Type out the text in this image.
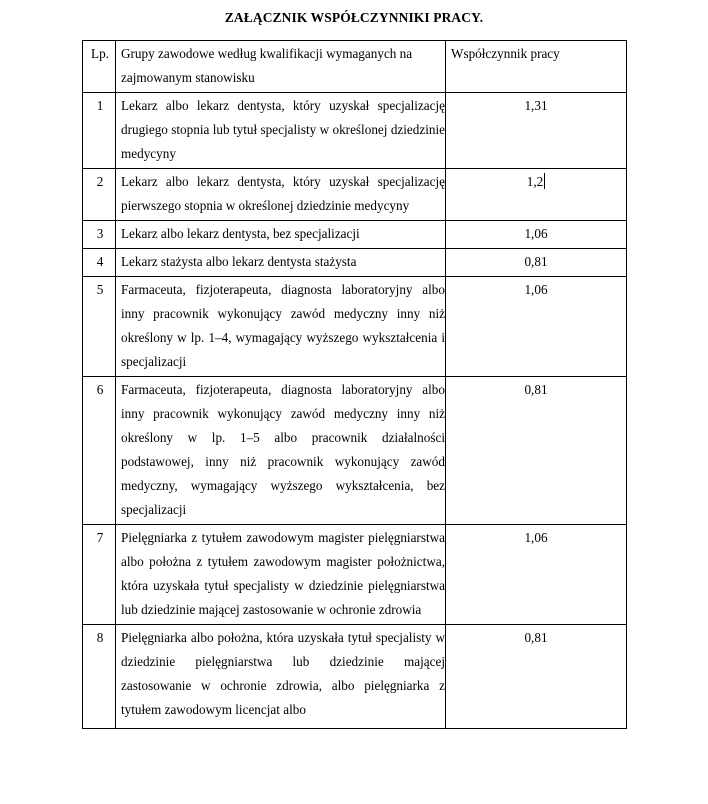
ZAŁĄCZNIK WSPÓŁCZYNNIKI PRACY.
Lp.	Grupy zawodowe według kwalifikacji wymaganych na zajmowanym stanowisku	Współczynnik pracy
1	Lekarz albo lekarz dentysta, który uzyskał specjalizację drugiego stopnia lub tytuł specjalisty w określonej dziedzinie medycyny	1,31
2	Lekarz albo lekarz dentysta, który uzyskał specjalizację pierwszego stopnia w określonej dziedzinie medycyny	1,2
3	Lekarz albo lekarz dentysta, bez specjalizacji	1,06
4	Lekarz stażysta albo lekarz dentysta stażysta	0,81
5	Farmaceuta, fizjoterapeuta, diagnosta laboratoryjny albo inny pracownik wykonujący zawód medyczny inny niż określony w lp. 1–4, wymagający wyższego wykształcenia i specjalizacji	1,06
6	Farmaceuta, fizjoterapeuta, diagnosta laboratoryjny albo inny pracownik wykonujący zawód medyczny inny niż określony w lp. 1–5 albo pracownik działalności podstawowej, inny niż pracownik wykonujący zawód medyczny, wymagający wyższego wykształcenia, bez specjalizacji	0,81
7	Pielęgniarka z tytułem zawodowym magister pielęgniarstwa albo położna z tytułem zawodowym magister położnictwa, która uzyskała tytuł specjalisty w dziedzinie pielęgniarstwa lub dziedzinie mającej zastosowanie w ochronie zdrowia	1,06
8	Pielęgniarka albo położna, która uzyskała tytuł specjalisty w dziedzinie pielęgniarstwa lub dziedzinie mającej zastosowanie w ochronie zdrowia, albo pielęgniarka z tytułem zawodowym licencjat albo	0,81
